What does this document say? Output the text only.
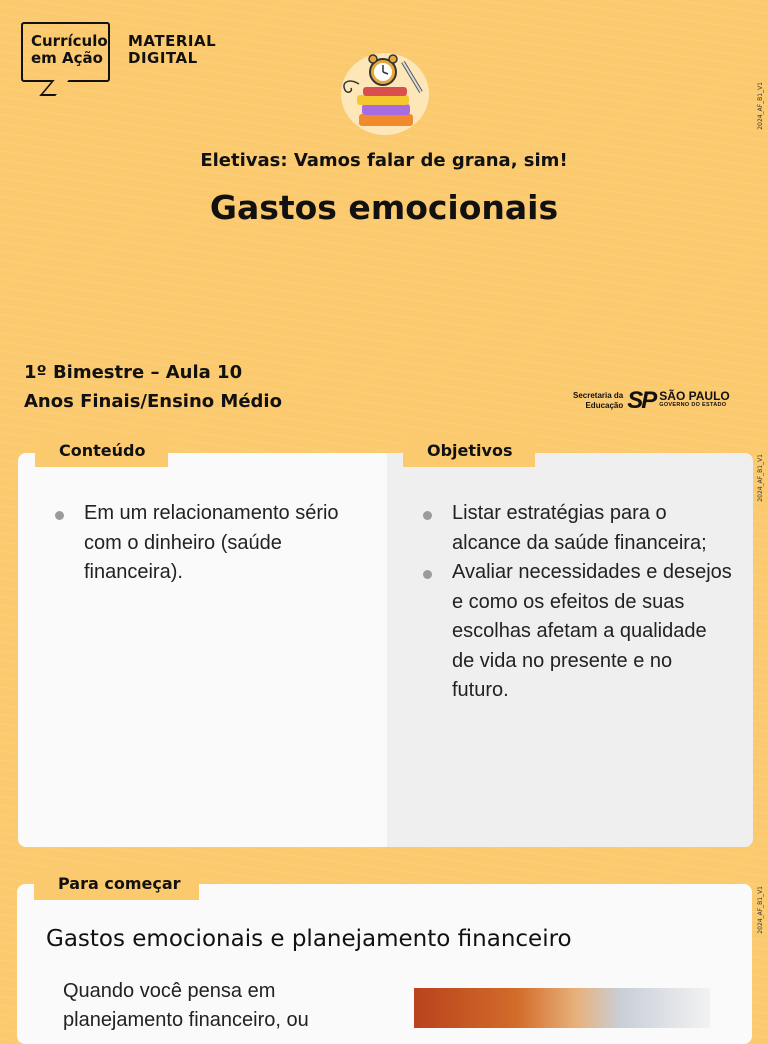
Currículo
em Ação
MATERIAL
DIGITAL
2024_AF_B1_V1
2024_AF_B1_V1
2024_AF_B1_V1
Eletivas: Vamos falar de grana, sim!
Gastos emocionais
1º Bimestre – Aula 10
Anos Finais/Ensino Médio	Secretaria da
Educação SP SÃO PAULO
GOVERNO DO ESTADO
Conteúdo	Objetivos
Em um relacionamento sério com o dinheiro (saúde financeira).
Listar estratégias para o alcance da saúde financeira;
Avaliar necessidades e desejos e como os efeitos de suas escolhas afetam a qualidade de vida no presente e no futuro.
Para começar
Gastos emocionais e planejamento financeiro
Quando você pensa em planejamento financeiro, ou
